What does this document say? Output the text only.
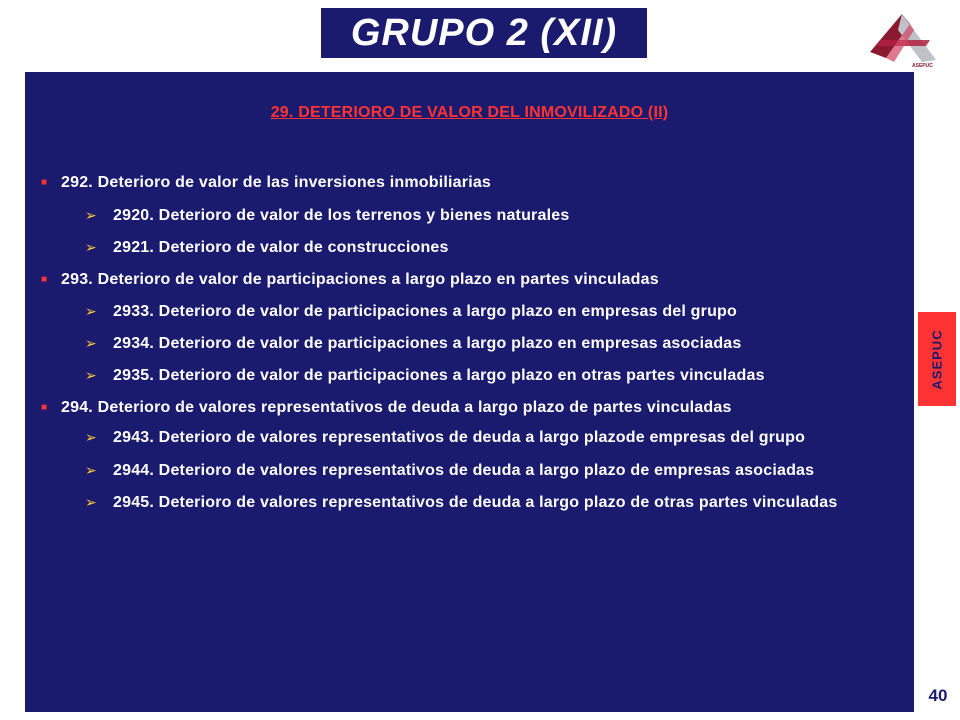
GRUPO 2 (XII)
ASEPUC
29. DETERIORO DE VALOR DEL INMOVILIZADO (II)
■ 292. Deterioro de valor de las inversiones inmobiliarias
➢	2920. Deterioro de valor de los terrenos y bienes naturales
➢	2921. Deterioro de valor de construcciones
■ 293. Deterioro de valor de participaciones a largo plazo en partes vinculadas
➢	2933. Deterioro de valor de participaciones a largo plazo en empresas del grupo
➢	2934. Deterioro de valor de participaciones a largo plazo en empresas asociadas
➢	2935. Deterioro de valor de participaciones a largo plazo en otras partes vinculadas
■ 294. Deterioro de valores representativos de deuda a largo plazo de partes vinculadas
➢	2943. Deterioro de valores representativos de deuda a largo plazode empresas del grupo
➢	2944. Deterioro de valores representativos de deuda a largo plazo de empresas asociadas
➢	2945. Deterioro de valores representativos de deuda a largo plazo de otras partes vinculadas
ASEPUC
40
